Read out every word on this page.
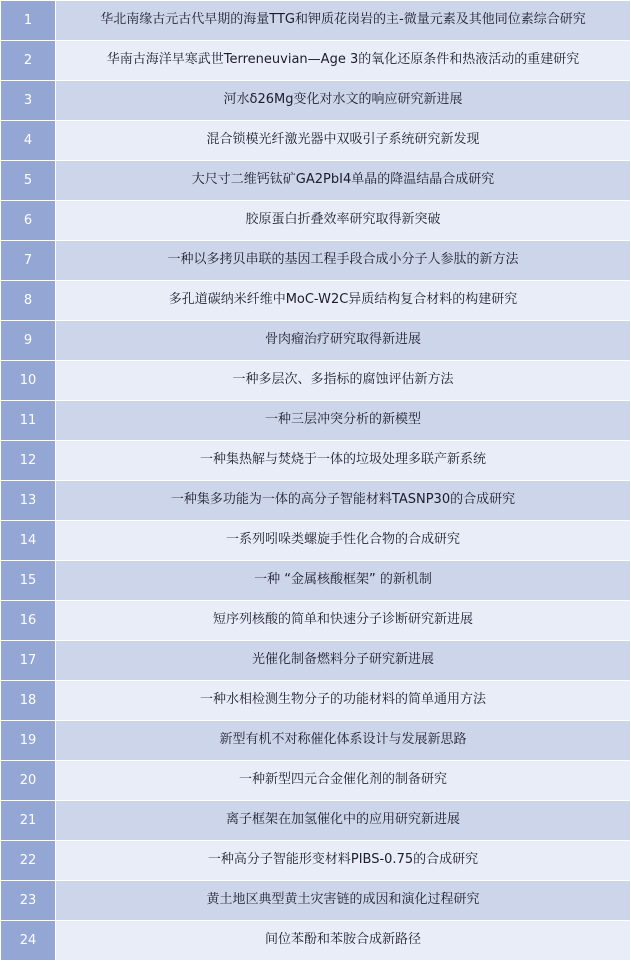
1	华北南缘古元古代早期的海量TTG和钾质花岗岩的主-微量元素及其他同位素综合研究
2	华南古海洋早寒武世Terreneuvian—Age 3的氧化还原条件和热液活动的重建研究
3	河水δ26Mg变化对水文的响应研究新进展
4	混合锁模光纤激光器中双吸引子系统研究新发现
5	大尺寸二维钙钛矿GA2PbI4单晶的降温结晶合成研究
6	胶原蛋白折叠效率研究取得新突破
7	一种以多拷贝串联的基因工程手段合成小分子人参肽的新方法
8	多孔道碳纳米纤维中MoC-W2C异质结构复合材料的构建研究
9	骨肉瘤治疗研究取得新进展
10	一种多层次、多指标的腐蚀评估新方法
11	一种三层冲突分析的新模型
12	一种集热解与焚烧于一体的垃圾处理多联产新系统
13	一种集多功能为一体的高分子智能材料TASNP30的合成研究
14	一系列吲哚类螺旋手性化合物的合成研究
15	一种 “金属核酸框架” 的新机制
16	短序列核酸的简单和快速分子诊断研究新进展
17	光催化制备燃料分子研究新进展
18	一种水相检测生物分子的功能材料的简单通用方法
19	新型有机不对称催化体系设计与发展新思路
20	一种新型四元合金催化剂的制备研究
21	离子框架在加氢催化中的应用研究新进展
22	一种高分子智能形变材料PIBS-0.75的合成研究
23	黄土地区典型黄土灾害链的成因和演化过程研究
24	间位苯酚和苯胺合成新路径
